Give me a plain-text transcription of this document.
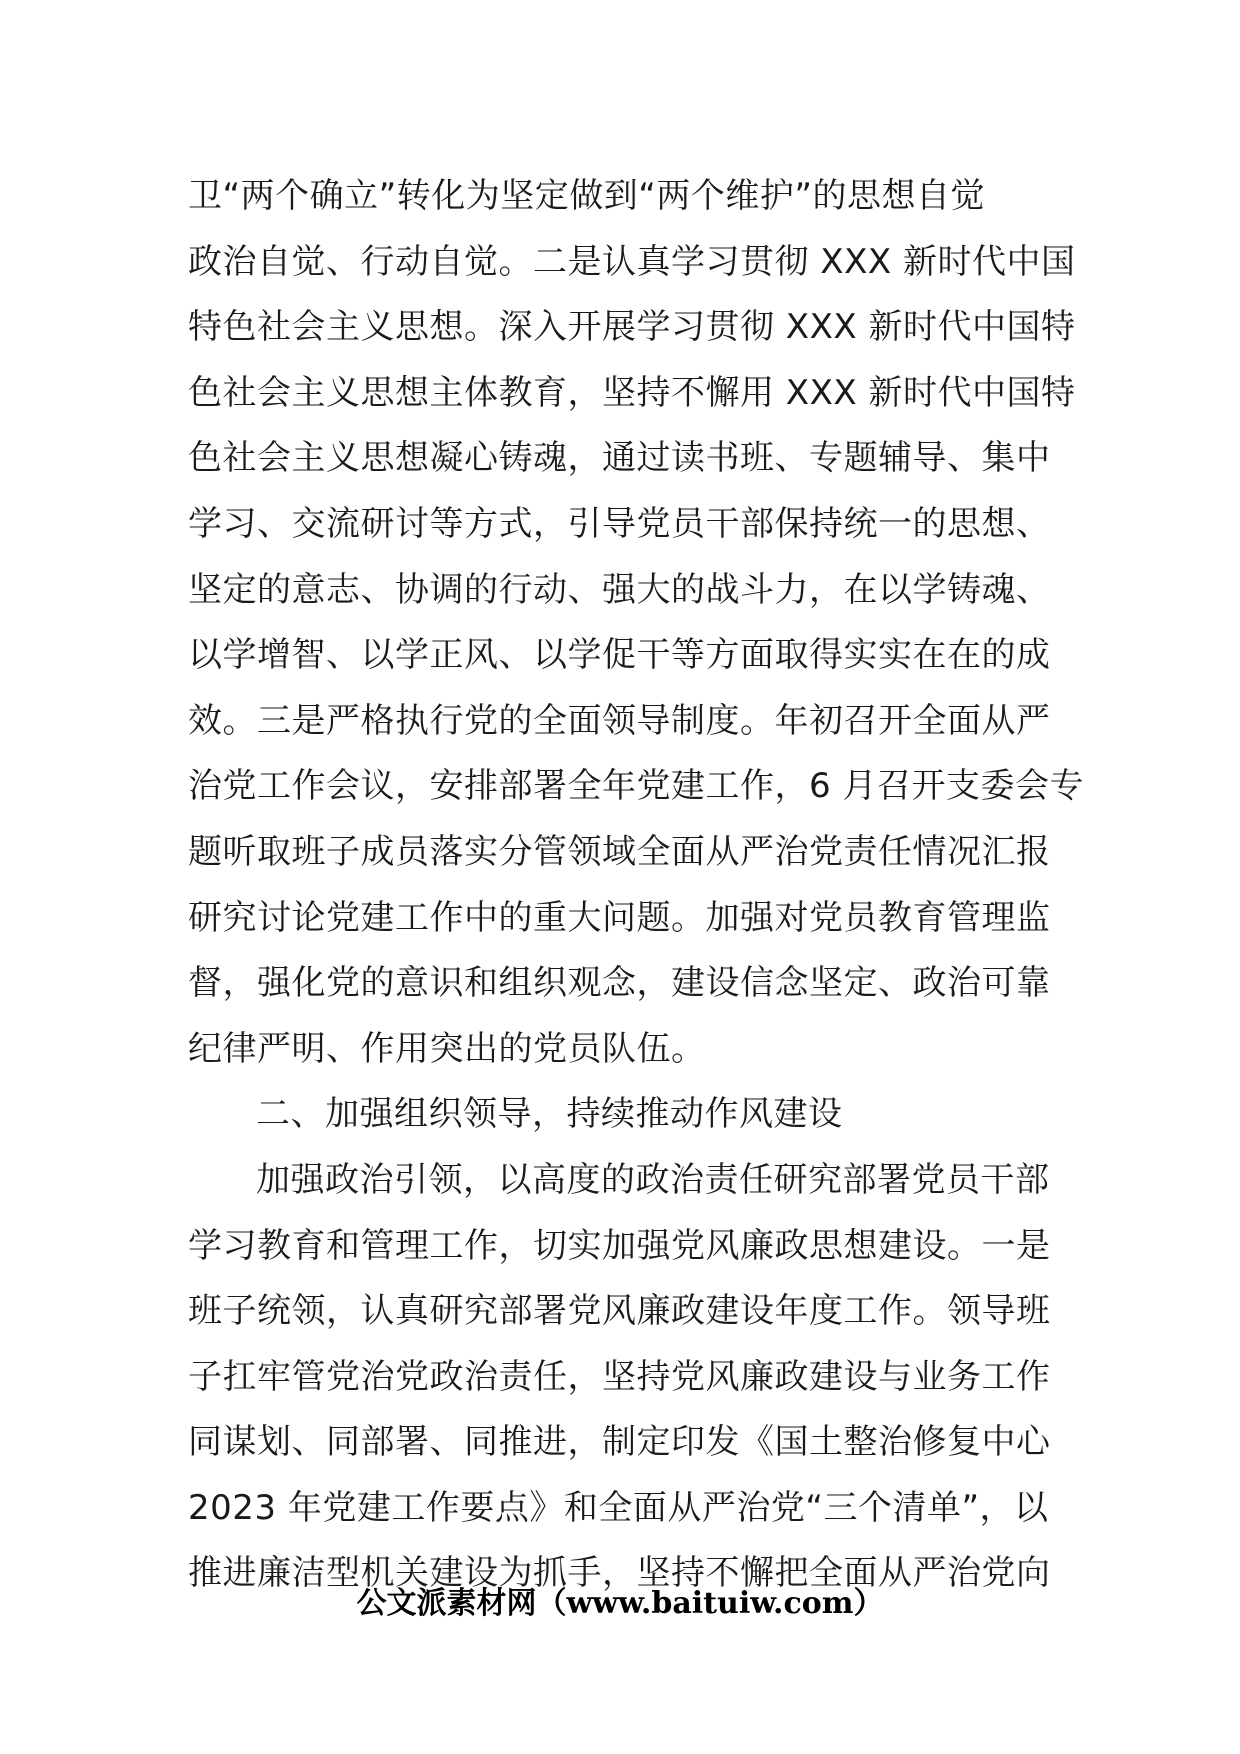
卫“两个确立”转化为坚定做到“两个维护”的思想自觉
政治自觉、行动自觉。二是认真学习贯彻 XXX 新时代中国
特色社会主义思想。深入开展学习贯彻 XXX 新时代中国特
色社会主义思想主体教育，坚持不懈用 XXX 新时代中国特
色社会主义思想凝心铸魂，通过读书班、专题辅导、集中
学习、交流研讨等方式，引导党员干部保持统一的思想、
坚定的意志、协调的行动、强大的战斗力，在以学铸魂、
以学增智、以学正风、以学促干等方面取得实实在在的成
效。三是严格执行党的全面领导制度。年初召开全面从严
治党工作会议，安排部署全年党建工作，6 月召开支委会专
题听取班子成员落实分管领域全面从严治党责任情况汇报
研究讨论党建工作中的重大问题。加强对党员教育管理监
督，强化党的意识和组织观念，建设信念坚定、政治可靠
纪律严明、作用突出的党员队伍。
二、加强组织领导，持续推动作风建设
加强政治引领，以高度的政治责任研究部署党员干部
学习教育和管理工作，切实加强党风廉政思想建设。一是
班子统领，认真研究部署党风廉政建设年度工作。领导班
子扛牢管党治党政治责任，坚持党风廉政建设与业务工作
同谋划、同部署、同推进，制定印发《国土整治修复中心
2023 年党建工作要点》和全面从严治党“三个清单”，以
推进廉洁型机关建设为抓手，坚持不懈把全面从严治党向
公文派素材网（www.baituiw.com）
